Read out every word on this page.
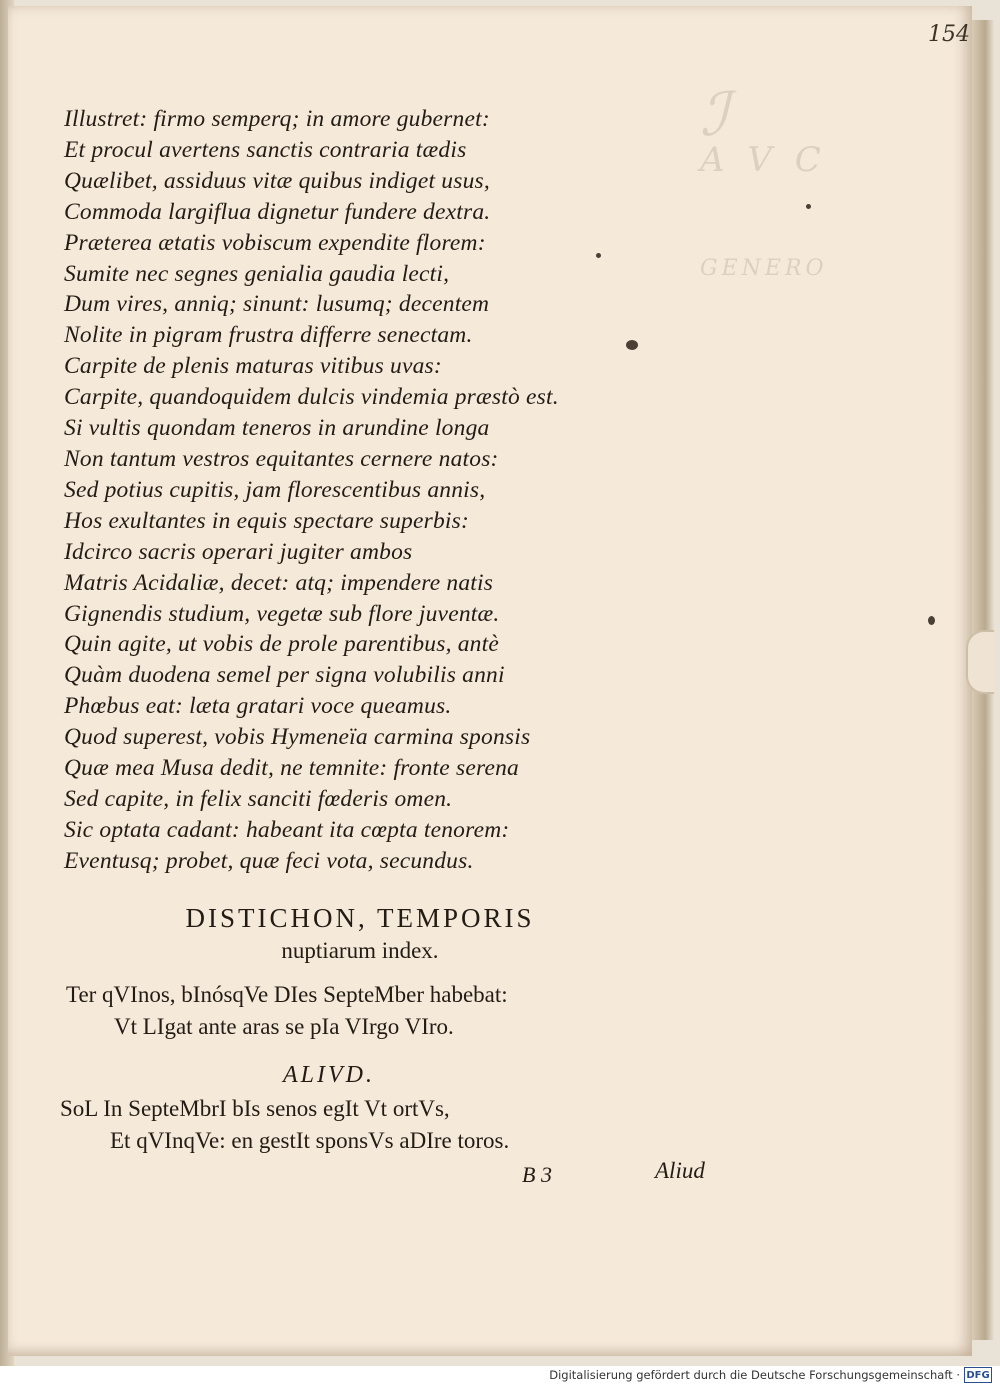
ℐ
A V C
GENERO
154
Illustret: firmo semperq; in amore gubernet:
Et procul avertens sanctis contraria tædis
Quælibet, assiduus vitæ quibus indiget usus,
Commoda largiflua dignetur fundere dextra.
Præterea ætatis vobiscum expendite florem:
Sumite nec segnes genialia gaudia lecti,
Dum vires, anniq; sinunt: lusumq; decentem
Nolite in pigram frustra differre senectam.
Carpite de plenis maturas vitibus uvas:
Carpite, quandoquidem dulcis vindemia præstò est.
Si vultis quondam teneros in arundine longa
Non tantum vestros equitantes cernere natos:
Sed potius cupitis, jam florescentibus annis,
Hos exultantes in equis spectare superbis:
Idcirco sacris operari jugiter ambos
Matris Acidaliæ, decet: atq; impendere natis
Gignendis studium, vegetæ sub flore juventæ.
Quin agite, ut vobis de prole parentibus, antè
Quàm duodena semel per signa volubilis anni
Phœbus eat: læta gratari voce queamus.
Quod superest, vobis Hymeneïa carmina sponsis
Quæ mea Musa dedit, ne temnite: fronte serena
Sed capite, in felix sanciti fœderis omen.
Sic optata cadant: habeant ita cœpta tenorem:
Eventusq; probet, quæ feci vota, secundus.
DISTICHON, TEMPORIS
nuptiarum index.
Ter qVInos, bInósqVe DIes SepteMber habebat:
Vt LIgat ante aras se pIa VIrgo VIro.
ALIVD.
SoL In SepteMbrI bIs senos egIt Vt ortVs,
Et qVInqVe: en gestIt sponsVs aDIre toros.
B 3	Aliud
Digitalisierung gefördert durch die Deutsche Forschungsgemeinschaft · DFG
